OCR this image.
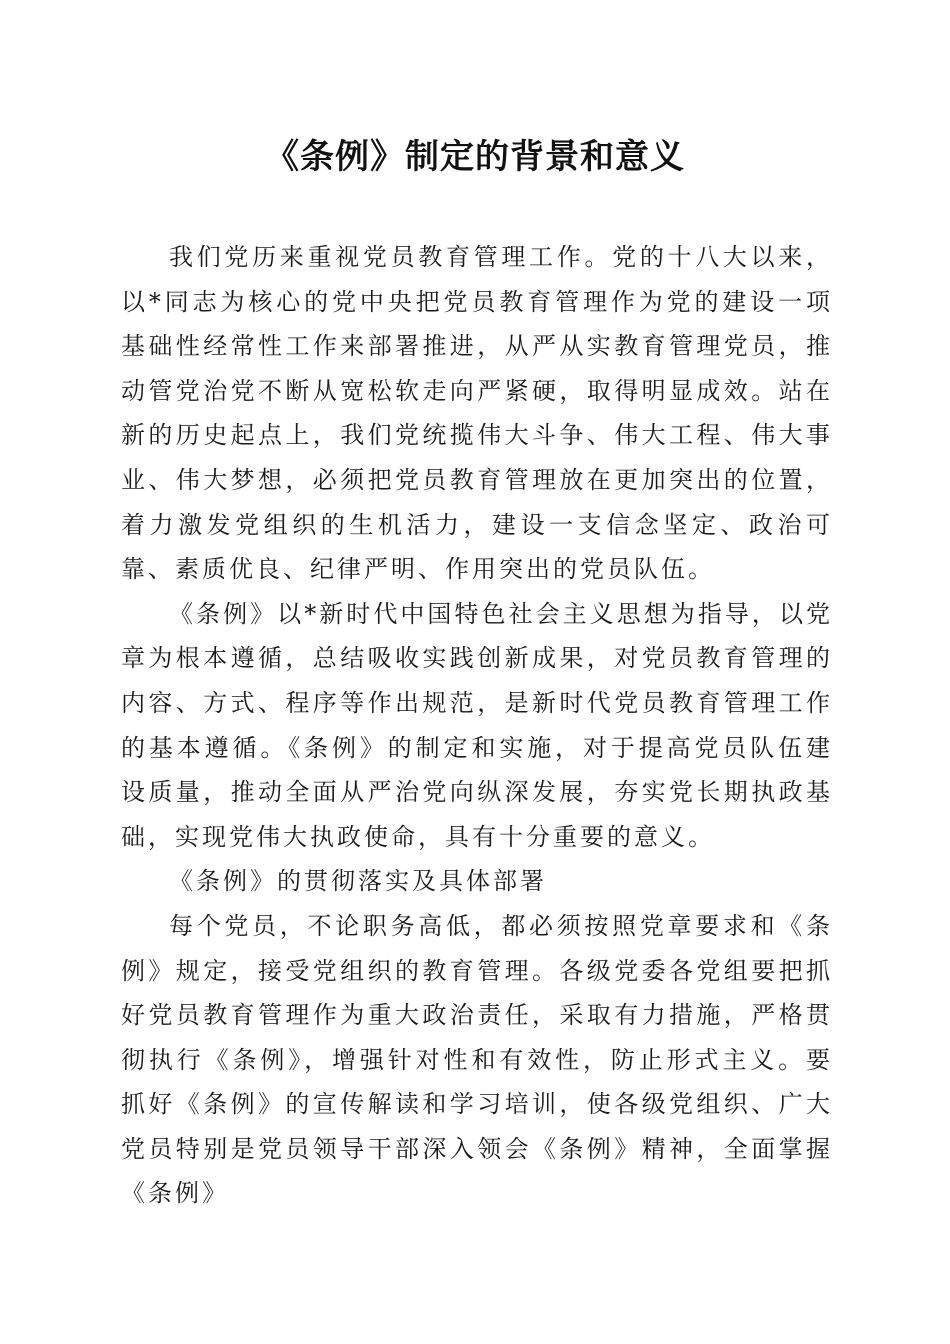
《条例》制定的背景和意义

我们党历来重视党员教育管理工作。党的十八大以来，以*同志为核心的党中央把党员教育管理作为党的建设一项基础性经常性工作来部署推进，从严从实教育管理党员，推动管党治党不断从宽松软走向严紧硬，取得明显成效。站在新的历史起点上，我们党统揽伟大斗争、伟大工程、伟大事业、伟大梦想，必须把党员教育管理放在更加突出的位置，着力激发党组织的生机活力，建设一支信念坚定、政治可靠、素质优良、纪律严明、作用突出的党员队伍。

《条例》以*新时代中国特色社会主义思想为指导，以党章为根本遵循，总结吸收实践创新成果，对党员教育管理的内容、方式、程序等作出规范，是新时代党员教育管理工作的基本遵循。《条例》的制定和实施，对于提高党员队伍建设质量，推动全面从严治党向纵深发展，夯实党长期执政基础，实现党伟大执政使命，具有十分重要的意义。

《条例》的贯彻落实及具体部署

每个党员，不论职务高低，都必须按照党章要求和《条例》规定，接受党组织的教育管理。各级党委各党组要把抓好党员教育管理作为重大政治责任，采取有力措施，严格贯彻执行《条例》，增强针对性和有效性，防止形式主义。要抓好《条例》的宣传解读和学习培训，使各级党组织、广大党员特别是党员领导干部深入领会《条例》精神，全面掌握《条例》
